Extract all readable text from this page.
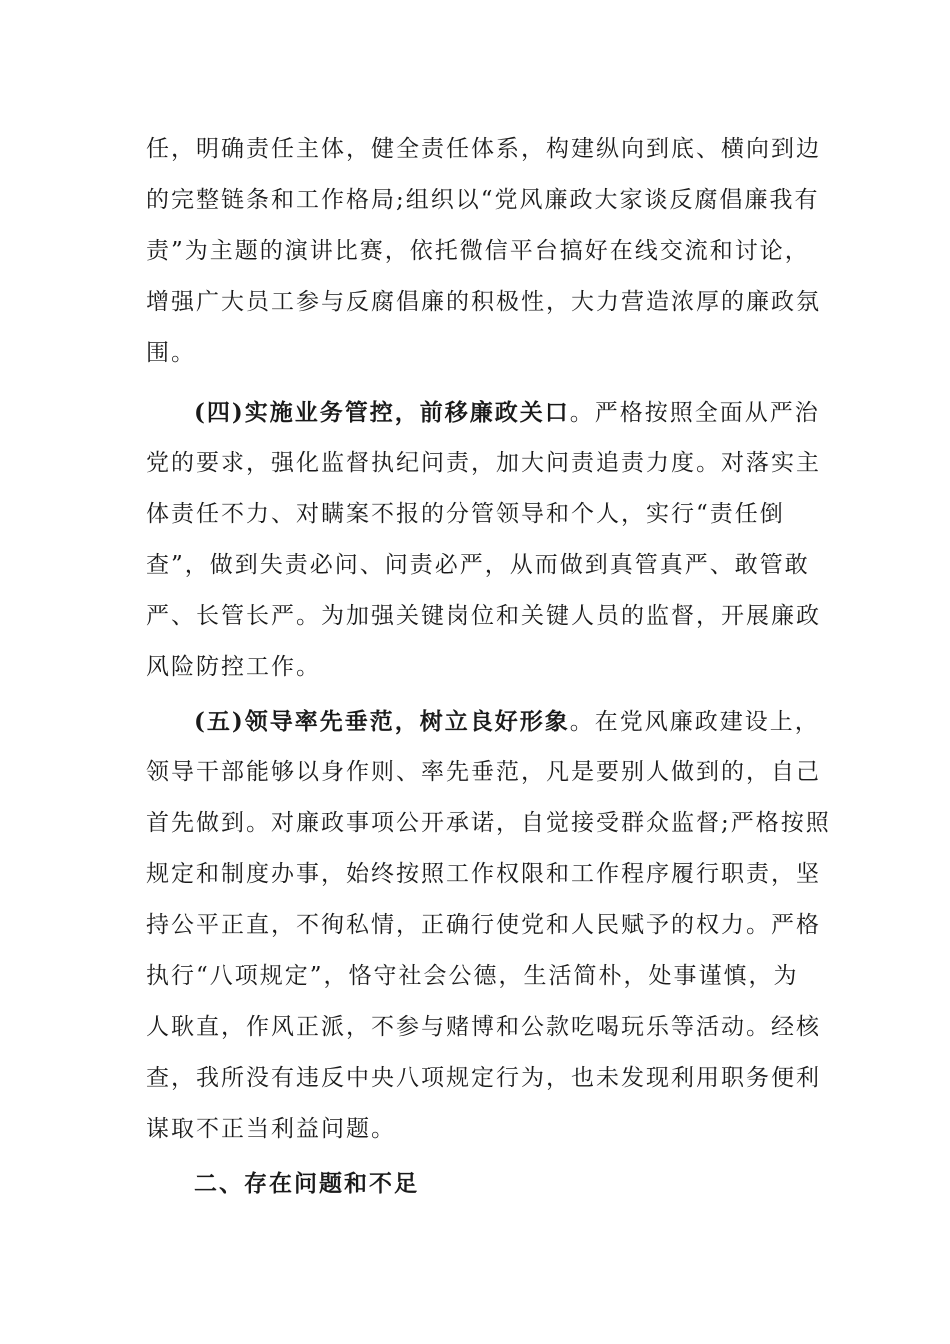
任，明确责任主体，健全责任体系，构建纵向到底、横向到边
的完整链条和工作格局;组织以“党风廉政大家谈反腐倡廉我有
责”为主题的演讲比赛，依托微信平台搞好在线交流和讨论，
增强广大员工参与反腐倡廉的积极性，大力营造浓厚的廉政氛
围。
(四)实施业务管控，前移廉政关口。严格按照全面从严治
党的要求，强化监督执纪问责，加大问责追责力度。对落实主
体责任不力、对瞒案不报的分管领导和个人，实行“责任倒
查”，做到失责必问、问责必严，从而做到真管真严、敢管敢
严、长管长严。为加强关键岗位和关键人员的监督，开展廉政
风险防控工作。
(五)领导率先垂范，树立良好形象。在党风廉政建设上，
领导干部能够以身作则、率先垂范，凡是要别人做到的，自己
首先做到。对廉政事项公开承诺，自觉接受群众监督;严格按照
规定和制度办事，始终按照工作权限和工作程序履行职责，坚
持公平正直，不徇私情，正确行使党和人民赋予的权力。严格
执行“八项规定”，恪守社会公德，生活简朴，处事谨慎，为
人耿直，作风正派，不参与赌博和公款吃喝玩乐等活动。经核
查，我所没有违反中央八项规定行为，也未发现利用职务便利
谋取不正当利益问题。
二、存在问题和不足
